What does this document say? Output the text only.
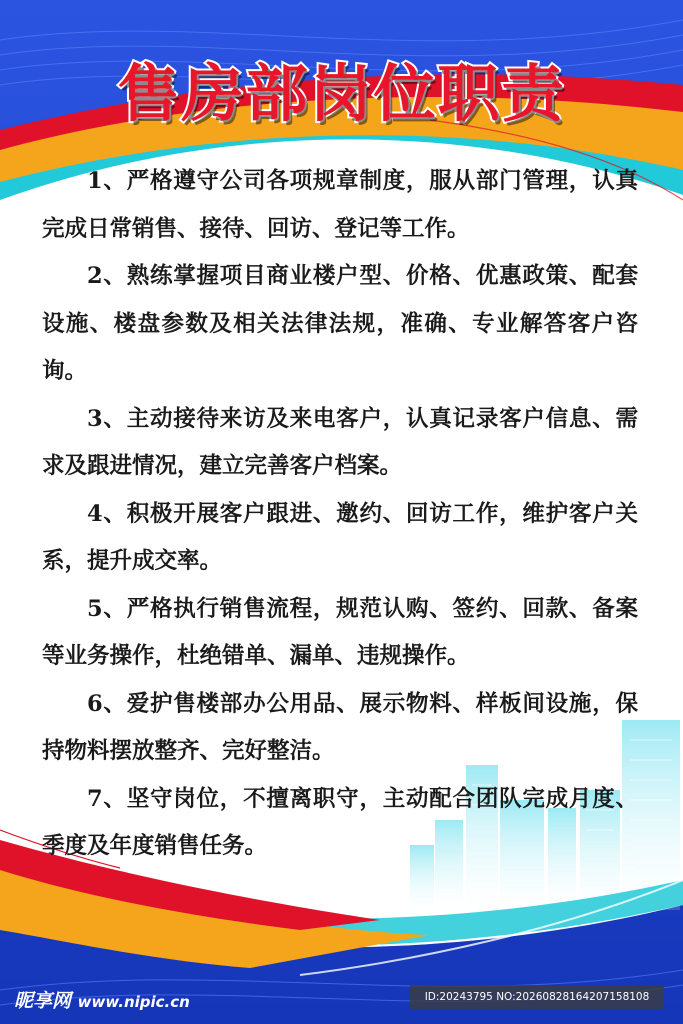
售房部岗位职责

1、严格遵守公司各项规章制度，服从部门管理，认真完成日常销售、接待、回访、登记等工作。

2、熟练掌握项目商业楼户型、价格、优惠政策、配套设施、楼盘参数及相关法律法规，准确、专业解答客户咨询。

3、主动接待来访及来电客户，认真记录客户信息、需求及跟进情况，建立完善客户档案。

4、积极开展客户跟进、邀约、回访工作，维护客户关系，提升成交率。

5、严格执行销售流程，规范认购、签约、回款、备案等业务操作，杜绝错单、漏单、违规操作。

6、爱护售楼部办公用品、展示物料、样板间设施，保持物料摆放整齐、完好整洁。

7、坚守岗位，不擅离职守，主动配合团队完成月度、季度及年度销售任务。

昵享网 www.nipic.cn	ID:20243795 NO:20260828164207158108
